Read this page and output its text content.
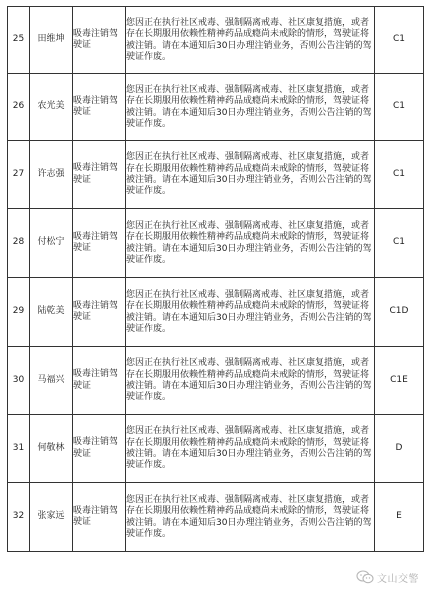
25	田维坤	吸毒注销驾驶证	您因正在执行社区戒毒、强制隔离戒毒、社区康复措施，或者存在长期服用依赖性精神药品成瘾尚未戒除的情形，驾驶证将被注销。请在本通知后30日办理注销业务，否则公告注销的驾驶证作废。	C1

26	农光美	吸毒注销驾驶证	您因正在执行社区戒毒、强制隔离戒毒、社区康复措施，或者存在长期服用依赖性精神药品成瘾尚未戒除的情形，驾驶证将被注销。请在本通知后30日办理注销业务，否则公告注销的驾驶证作废。	C1

27	许志强	吸毒注销驾驶证	您因正在执行社区戒毒、强制隔离戒毒、社区康复措施，或者存在长期服用依赖性精神药品成瘾尚未戒除的情形，驾驶证将被注销。请在本通知后30日办理注销业务，否则公告注销的驾驶证作废。	C1

28	付松宁	吸毒注销驾驶证	您因正在执行社区戒毒、强制隔离戒毒、社区康复措施，或者存在长期服用依赖性精神药品成瘾尚未戒除的情形，驾驶证将被注销。请在本通知后30日办理注销业务，否则公告注销的驾驶证作废。	C1

29	陆乾美	吸毒注销驾驶证	您因正在执行社区戒毒、强制隔离戒毒、社区康复措施，或者存在长期服用依赖性精神药品成瘾尚未戒除的情形，驾驶证将被注销。请在本通知后30日办理注销业务，否则公告注销的驾驶证作废。	C1D

30	马福兴	吸毒注销驾驶证	您因正在执行社区戒毒、强制隔离戒毒、社区康复措施，或者存在长期服用依赖性精神药品成瘾尚未戒除的情形，驾驶证将被注销。请在本通知后30日办理注销业务，否则公告注销的驾驶证作废。	C1E

31	何敬林	吸毒注销驾驶证	您因正在执行社区戒毒、强制隔离戒毒、社区康复措施，或者存在长期服用依赖性精神药品成瘾尚未戒除的情形，驾驶证将被注销。请在本通知后30日办理注销业务，否则公告注销的驾驶证作废。	D

32	张家远	吸毒注销驾驶证	您因正在执行社区戒毒、强制隔离戒毒、社区康复措施，或者存在长期服用依赖性精神药品成瘾尚未戒除的情形，驾驶证将被注销。请在本通知后30日办理注销业务，否则公告注销的驾驶证作废。	E
文山交警
